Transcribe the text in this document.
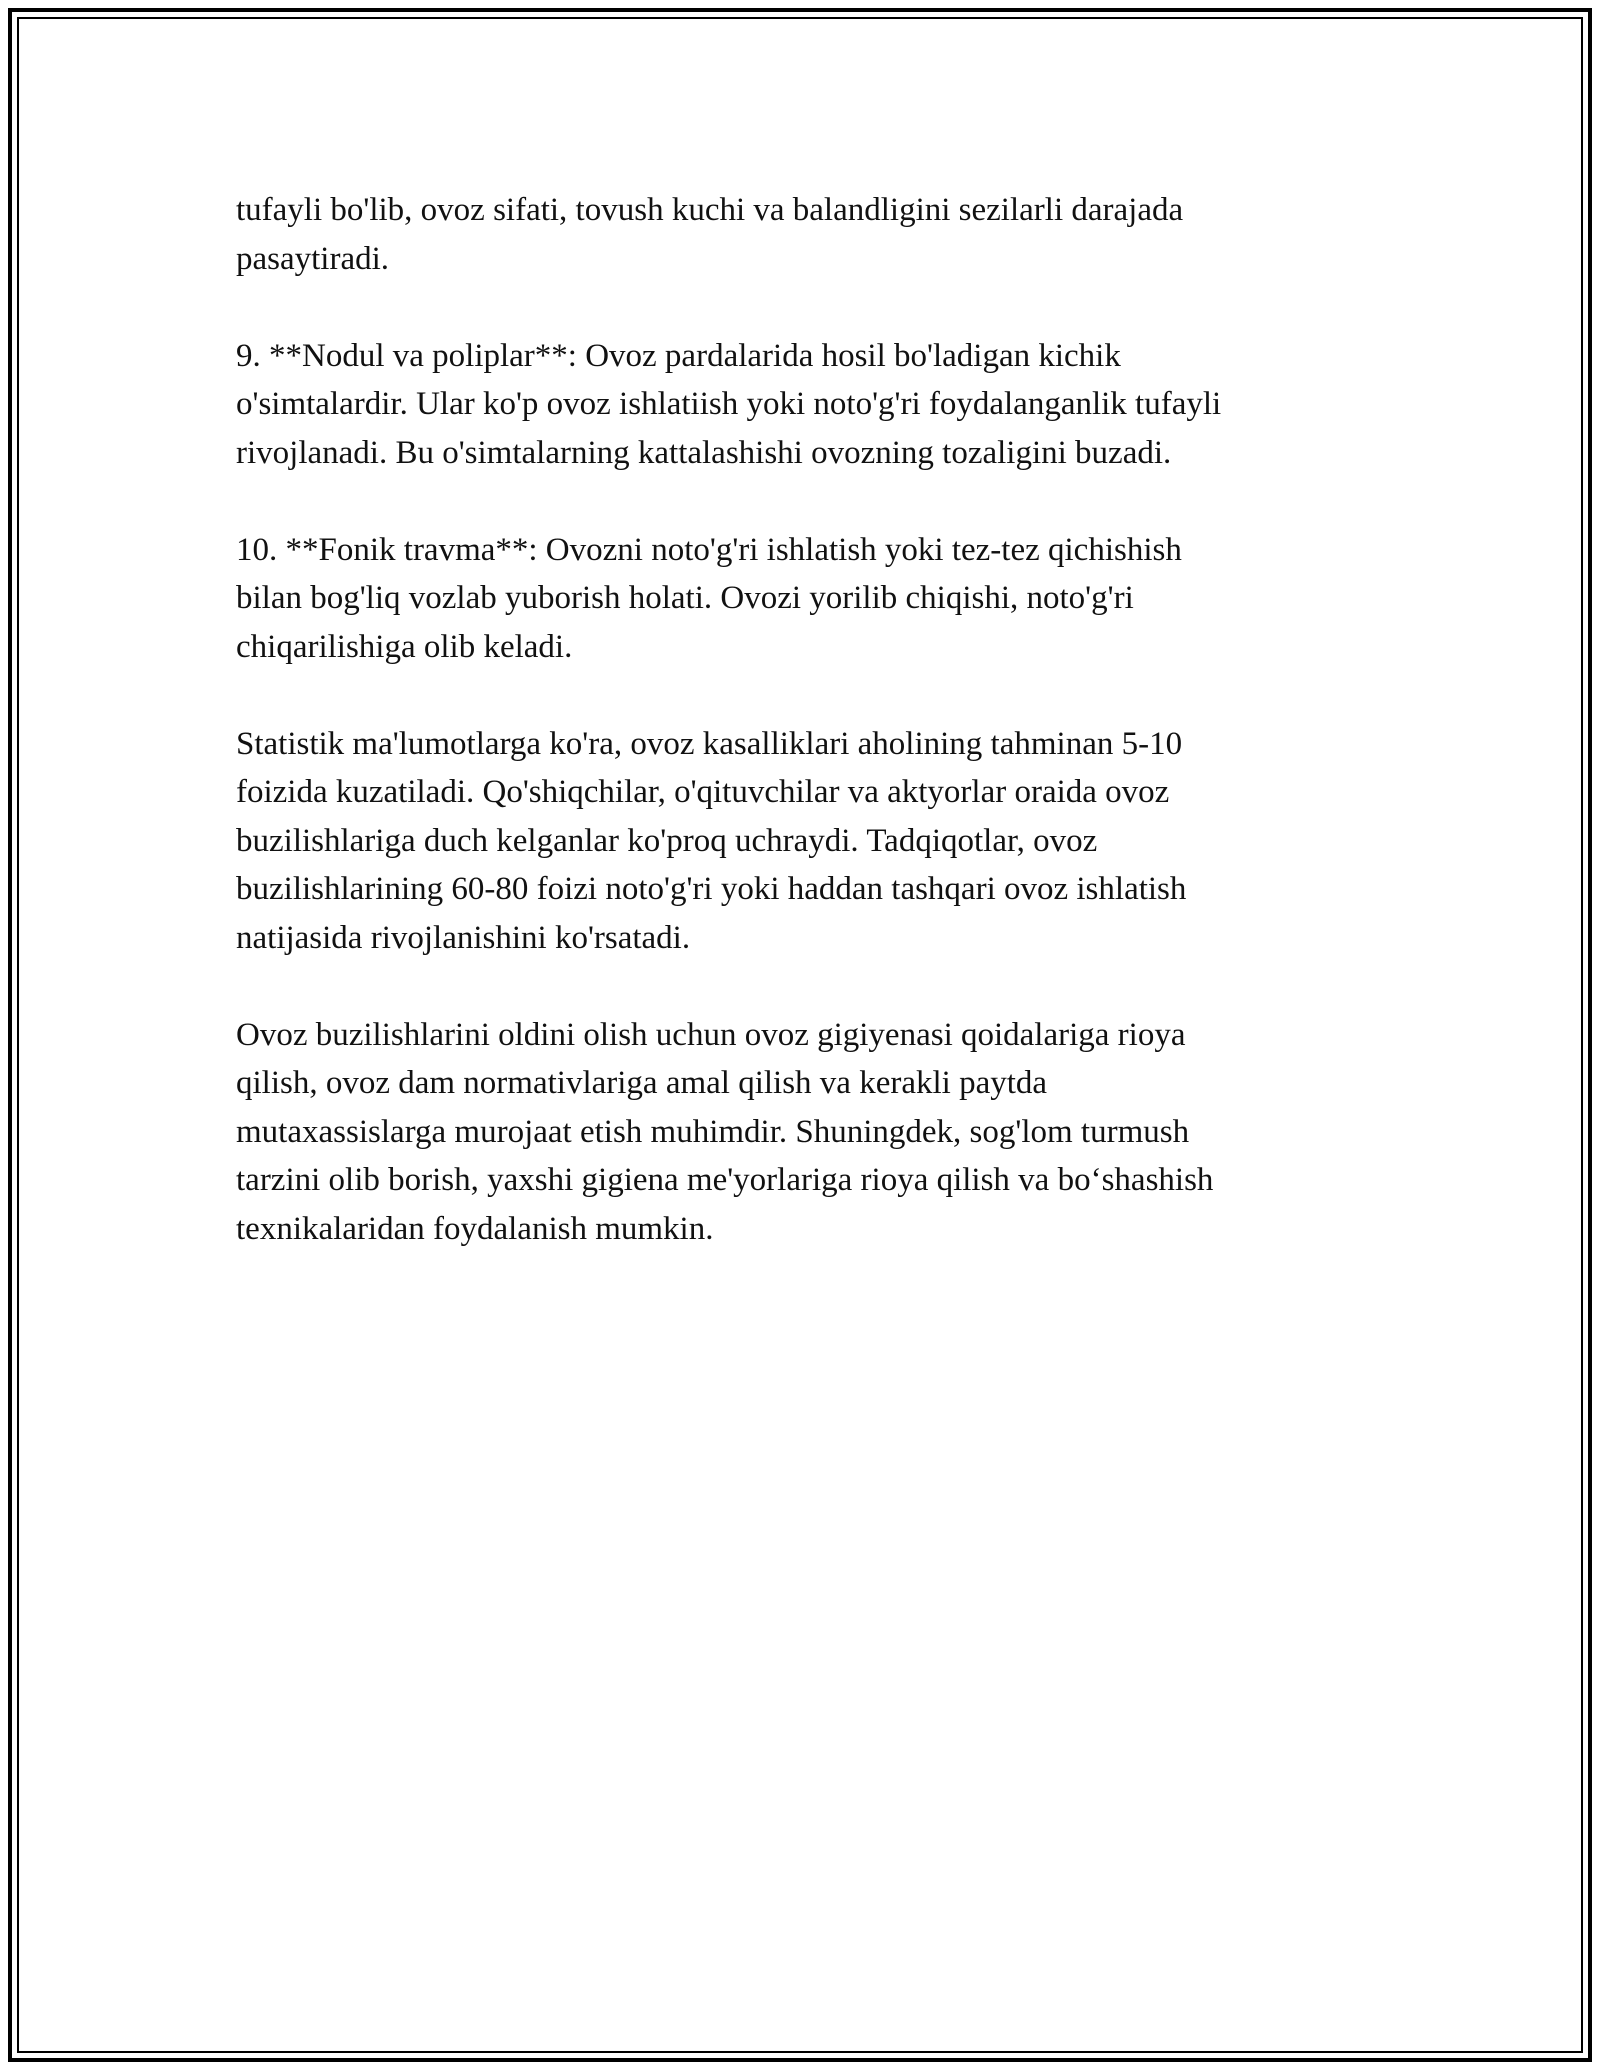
tufayli bo'lib, ovoz sifati, tovush kuchi va balandligini sezilarli darajada
pasaytiradi.

9. **Nodul va poliplar**: Ovoz pardalarida hosil bo'ladigan kichik
o'simtalardir. Ular ko'p ovoz ishlatiish yoki noto'g'ri foydalanganlik tufayli
rivojlanadi. Bu o'simtalarning kattalashishi ovozning tozaligini buzadi.

10. **Fonik travma**: Ovozni noto'g'ri ishlatish yoki tez-tez qichishish
bilan bog'liq vozlab yuborish holati. Ovozi yorilib chiqishi, noto'g'ri
chiqarilishiga olib keladi.

Statistik ma'lumotlarga ko'ra, ovoz kasalliklari aholining tahminan 5-10
foizida kuzatiladi. Qo'shiqchilar, o'qituvchilar va aktyorlar oraida ovoz
buzilishlariga duch kelganlar ko'proq uchraydi. Tadqiqotlar, ovoz
buzilishlarining 60-80 foizi noto'g'ri yoki haddan tashqari ovoz ishlatish
natijasida rivojlanishini ko'rsatadi.

Ovoz buzilishlarini oldini olish uchun ovoz gigiyenasi qoidalariga rioya
qilish, ovoz dam normativlariga amal qilish va kerakli paytda
mutaxassislarga murojaat etish muhimdir. Shuningdek, sog'lom turmush
tarzini olib borish, yaxshi gigiena me'yorlariga rioya qilish va bo‘shashish
texnikalaridan foydalanish mumkin.
